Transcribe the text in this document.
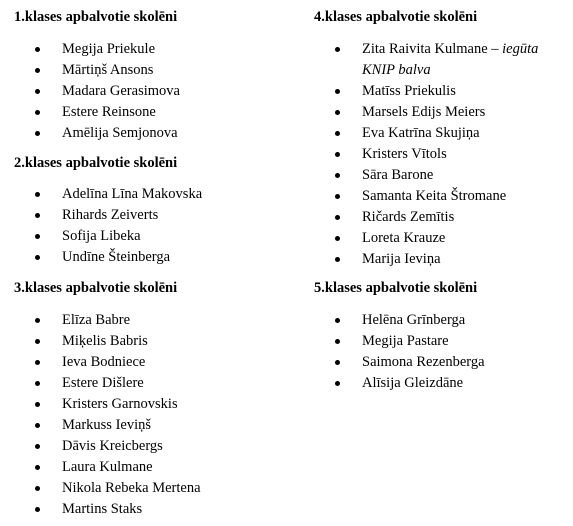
1.klases apbalvotie skolēni
Megija Priekule
Mārtiņš Ansons
Madara Gerasimova
Estere Reinsone
Amēlija Semjonova
2.klases apbalvotie skolēni
Adelīna Līna Makovska
Rihards Zeiverts
Sofija Libeka
Undīne Šteinberga
3.klases apbalvotie skolēni
Elīza Babre
Miķelis Babris
Ieva Bodniece
Estere Dišlere
Kristers Garnovskis
Markuss Ieviņš
Dāvis Kreicbergs
Laura Kulmane
Nikola Rebeka Mertena
Martins Staks
4.klases apbalvotie skolēni
Zita Raivita Kulmane – iegūta KNIP balva
Matīss Priekulis
Marsels Edijs Meiers
Eva Katrīna Skujiņa
Kristers Vītols
Sāra Barone
Samanta Keita Štromane
Ričards Zemītis
Loreta Krauze
Marija Ieviņa
5.klases apbalvotie skolēni
Helēna Grīnberga
Megija Pastare
Saimona Rezenberga
Alīsija Gleizdāne
